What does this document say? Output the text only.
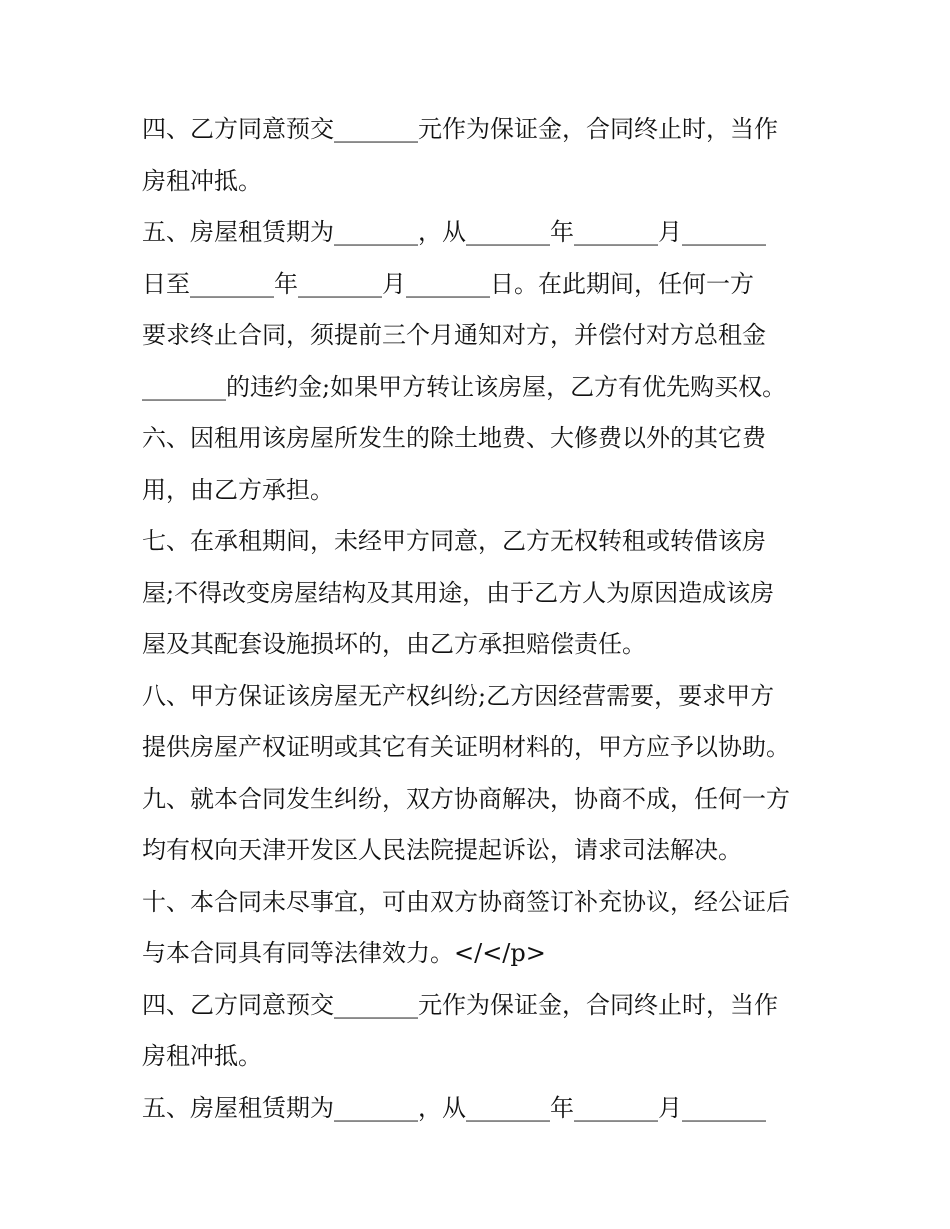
四、乙方同意预交_______元作为保证金，合同终止时，当作
房租冲抵。
五、房屋租赁期为_______，从_______年_______月_______
日至_______年_______月_______日。在此期间，任何一方
要求终止合同，须提前三个月通知对方，并偿付对方总租金
_______的违约金;如果甲方转让该房屋，乙方有优先购买权。
六、因租用该房屋所发生的除土地费、大修费以外的其它费
用，由乙方承担。
七、在承租期间，未经甲方同意，乙方无权转租或转借该房
屋;不得改变房屋结构及其用途，由于乙方人为原因造成该房
屋及其配套设施损坏的，由乙方承担赔偿责任。
八、甲方保证该房屋无产权纠纷;乙方因经营需要，要求甲方
提供房屋产权证明或其它有关证明材料的，甲方应予以协助。
九、就本合同发生纠纷，双方协商解决，协商不成，任何一方
均有权向天津开发区人民法院提起诉讼，请求司法解决。
十、本合同未尽事宜，可由双方协商签订补充协议，经公证后
与本合同具有同等法律效力。</</p>
四、乙方同意预交_______元作为保证金，合同终止时，当作
房租冲抵。
五、房屋租赁期为_______，从_______年_______月_______
